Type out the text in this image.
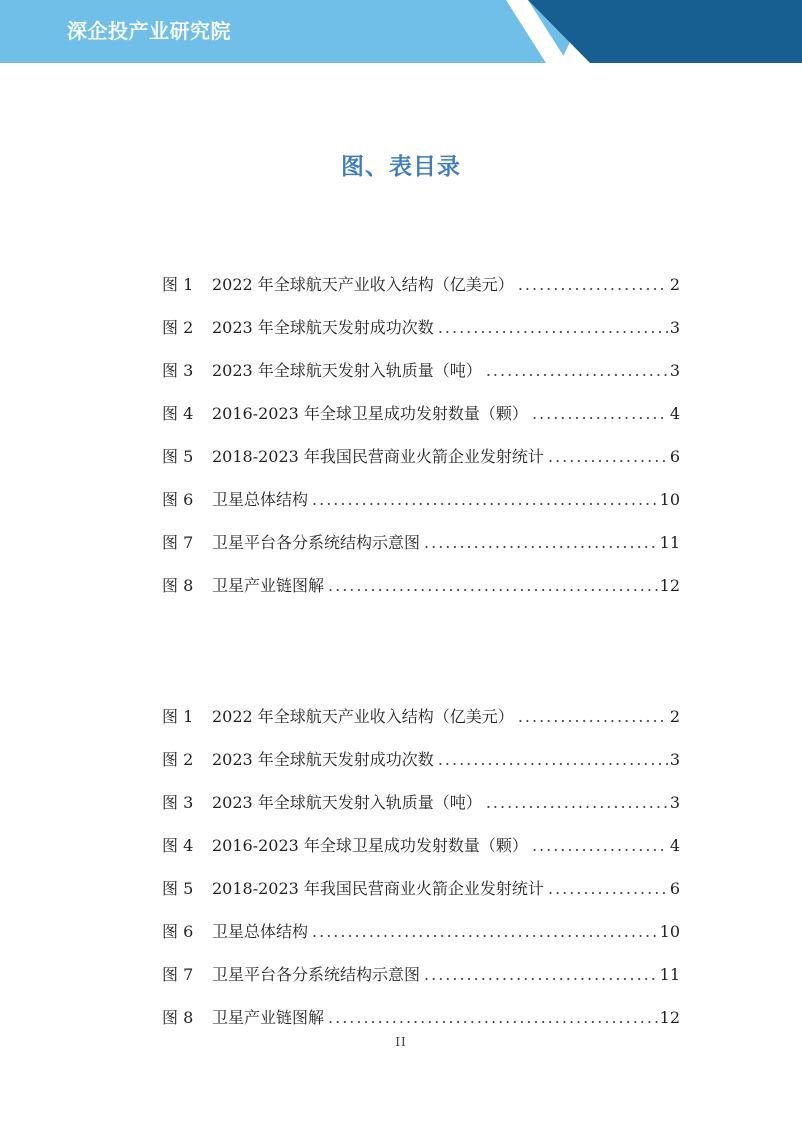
深企投产业研究院
图、表目录
图 1	2022 年全球航天产业收入结构（亿美元） .....	2
图 2	2023 年全球航天发射成功次数 .....	3
图 3	2023 年全球航天发射入轨质量（吨） .....	3
图 4	2016-2023 年全球卫星成功发射数量（颗） .....	4
图 5	2018-2023 年我国民营商业火箭企业发射统计 .....	6
图 6	卫星总体结构 .....	10
图 7	卫星平台各分系统结构示意图 .....	11
图 8	卫星产业链图解 .....	12
图 1	2022 年全球航天产业收入结构（亿美元） .....	2
图 2	2023 年全球航天发射成功次数 .....	3
图 3	2023 年全球航天发射入轨质量（吨） .....	3
图 4	2016-2023 年全球卫星成功发射数量（颗） .....	4
图 5	2018-2023 年我国民营商业火箭企业发射统计 .....	6
图 6	卫星总体结构 .....	10
图 7	卫星平台各分系统结构示意图 .....	11
图 8	卫星产业链图解 .....	12
II
